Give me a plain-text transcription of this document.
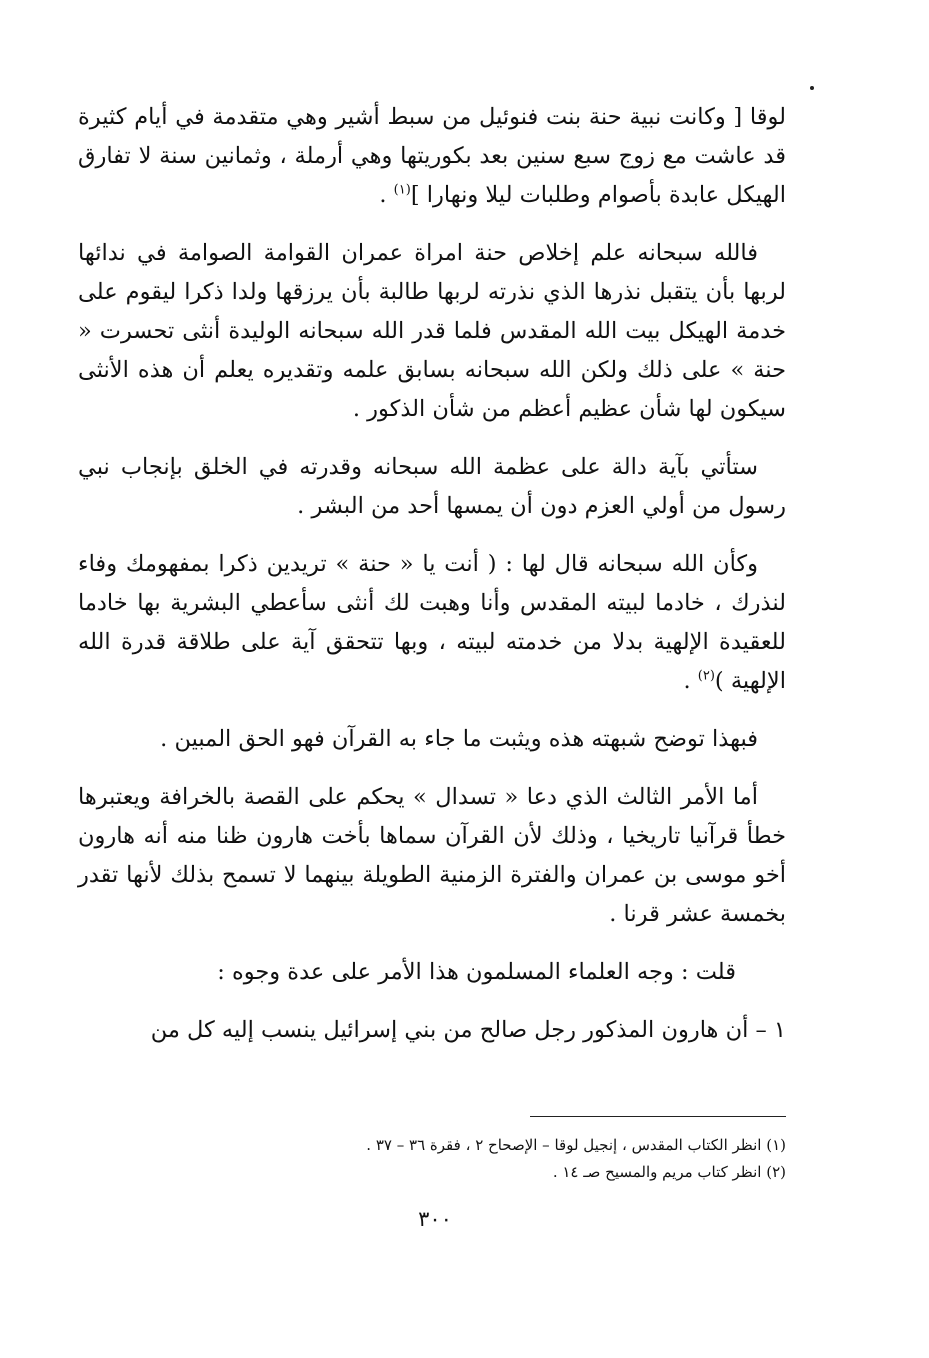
لوقا [ وكانت نبية حنة بنت فنوئيل من سبط أشير وهي متقدمة في أيام كثيرة قد عاشت مع زوج سبع سنين بعد بكوريتها وهي أرملة ، وثمانين سنة لا تفارق الهيكل عابدة بأصوام وطلبات ليلا ونهارا ]$^{(١)}$ .

فالله سبحانه علم إخلاص حنة امراة عمران القوامة الصوامة في ندائها لربها بأن يتقبل نذرها الذي نذرته لربها طالبة بأن يرزقها ولدا ذكرا ليقوم على خدمة الهيكل بيت الله المقدس فلما قدر الله سبحانه الوليدة أنثى تحسرت « حنة » على ذلك ولكن الله سبحانه بسابق علمه وتقديره يعلم أن هذه الأنثى سيكون لها شأن عظيم أعظم من شأن الذكور .

ستأتي بآية دالة على عظمة الله سبحانه وقدرته في الخلق بإنجاب نبي رسول من أولي العزم دون أن يمسها أحد من البشر .

وكأن الله سبحانه قال لها : ( أنت يا « حنة » تريدين ذكرا بمفهومك وفاء لنذرك ، خادما لبيته المقدس وأنا وهبت لك أنثى سأعطي البشرية بها خادما للعقيدة الإلهية بدلا من خدمته لبيته ، وبها تتحقق آية على طلاقة قدرة الله الإلهية )$^{(٢)}$ .

فبهذا توضح شبهته هذه ويثبت ما جاء به القرآن فهو الحق المبين .

أما الأمر الثالث الذي دعا « تسدال » يحكم على القصة بالخرافة ويعتبرها خطأ قرآنيا تاريخيا ، وذلك لأن القرآن سماها بأخت هارون ظنا منه أنه هارون أخو موسى بن عمران والفترة الزمنية الطويلة بينهما لا تسمح بذلك لأنها تقدر بخمسة عشر قرنا .

قلت : وجه العلماء المسلمون هذا الأمر على عدة وجوه :

١ – أن هارون المذكور رجل صالح من بني إسرائيل ينسب إليه كل من

(١) انظر الكتاب المقدس ، إنجيل لوقا – الإصحاح ٢ ، فقرة ٣٦ – ٣٧ .

(٢) انظر كتاب مريم والمسيح صـ ١٤ .

٣٠٠
